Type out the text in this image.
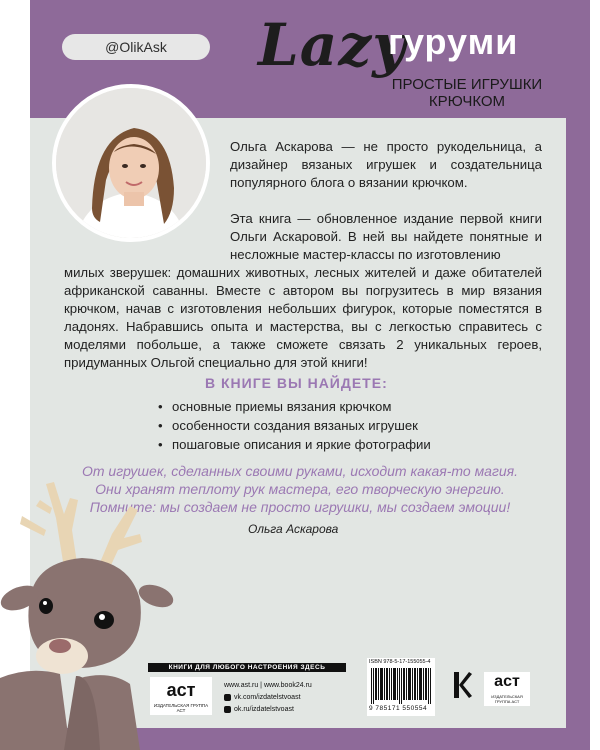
@OlikAsk	Lazy
гуруми
ПРОСТЫЕ ИГРУШКИ
КРЮЧКОМ

Ольга Аскарова — не просто рукодельница, а дизайнер вязаных игрушек и создательница популярного блога о вязании крючком.

Эта книга — обновленное издание первой книги Ольги Аскаровой. В ней вы найдете понятные и несложные мастер-классы по изготовлению

милых зверушек: домашних животных, лесных жителей и даже обитателей африканской саванны. Вместе с автором вы погрузитесь в мир вязания крючком, начав с изготовления небольших фигурок, которые поместятся в ладонях. Набравшись опыта и мастерства, вы с легкостью справитесь с моделями побольше, а также сможете связать 2 уникальных героев, придуманных Ольгой специально для этой книги!

В КНИГЕ ВЫ НАЙДЕТЕ:
• основные приемы вязания крючком
• особенности создания вязаных игрушек
• пошаговые описания и яркие фотографии

От игрушек, сделанных своими руками, исходит какая-то магия.
Они хранят теплоту рук мастера, его творческую энергию.
Помните: мы создаем не просто игрушки, мы создаем эмоции!

Ольга Аскарова
КНИГИ ДЛЯ ЛЮБОГО НАСТРОЕНИЯ ЗДЕСЬ
аст
ИЗДАТЕЛЬСКАЯ ГРУППА АСТ
www.ast.ru | www.book24.ru
vk.com/izdatelstvoast
ok.ru/izdatelstvoast
ISBN 978-5-17-155055-4
9 785171 550554
аст
ИЗДАТЕЛЬСКАЯ ГРУППА АСТ
